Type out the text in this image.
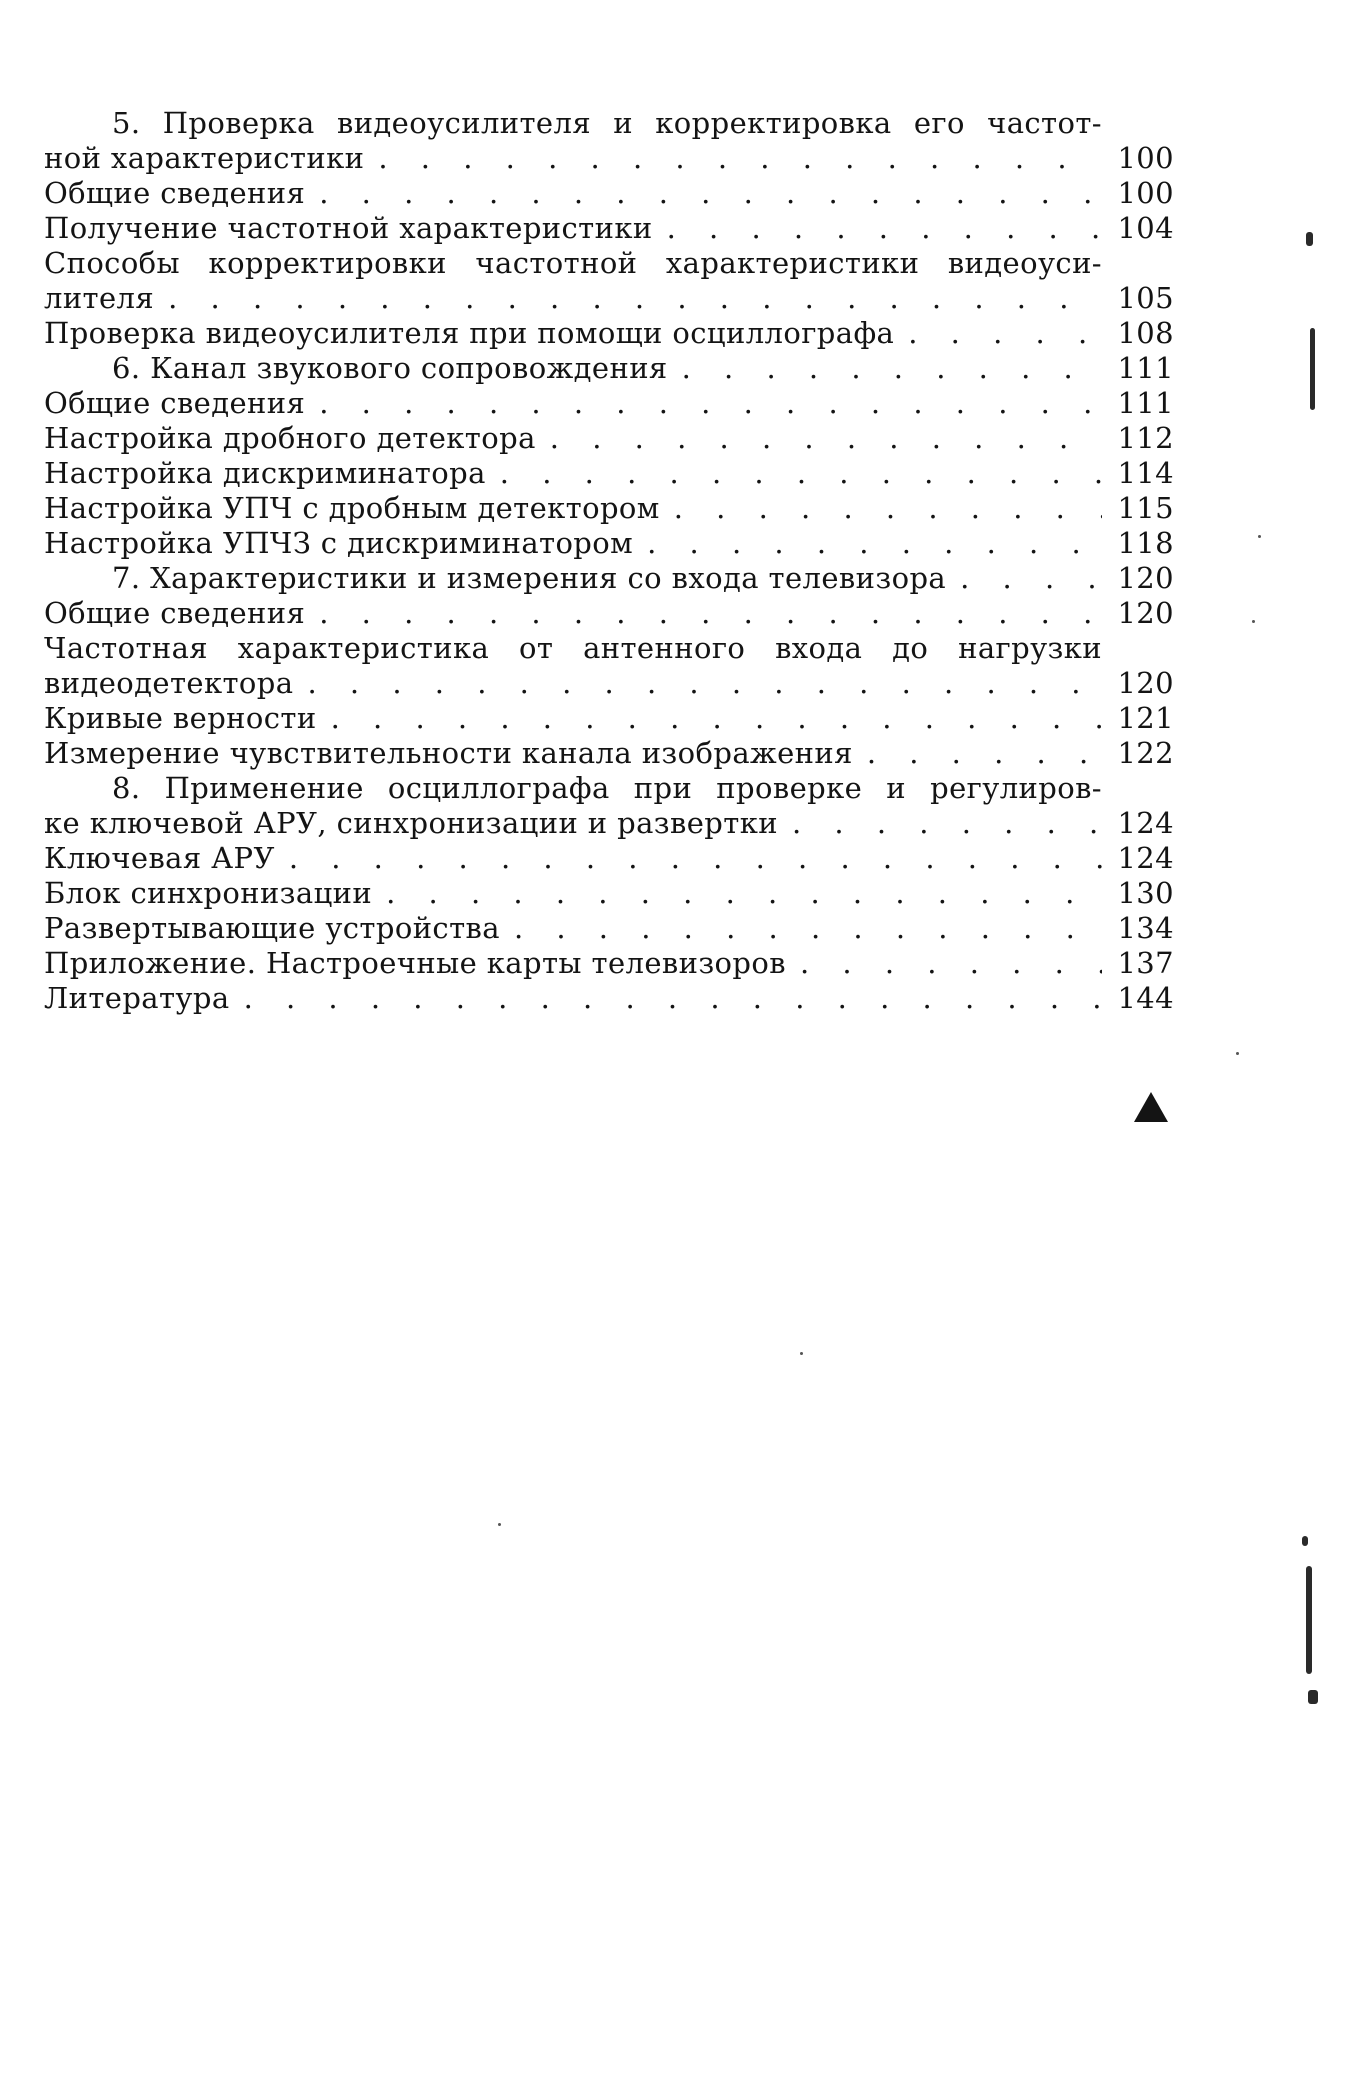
5. Проверка видеоусилителя и корректировка его частот-
ной характеристики . . .	100
Общие сведения . . .	100
Получение частотной характеристики . . .	104
Способы корректировки частотной характеристики видеоуси-
лителя . . .	105
Проверка видеоусилителя при помощи осциллографа . . .	108
6. Канал звукового сопровождения . . .	111
Общие сведения . . .	111
Настройка дробного детектора . . .	112
Настройка дискриминатора . . .	114
Настройка УПЧ с дробным детектором . . .	115
Настройка УПЧЗ с дискриминатором . . .	118
7. Характеристики и измерения со входа телевизора . . .	120
Общие сведения . . .	120
Частотная характеристика от антенного входа до нагрузки
видеодетектора . . .	120
Кривые верности . . .	121
Измерение чувствительности канала изображения . . .	122
8. Применение осциллографа при проверке и регулиров-
ке ключевой АРУ, синхронизации и развертки . . .	124
Ключевая АРУ . . .	124
Блок синхронизации . . .	130
Развертывающие устройства . . .	134
Приложение. Настроечные карты телевизоров . . .	137
Литература . . .	144
